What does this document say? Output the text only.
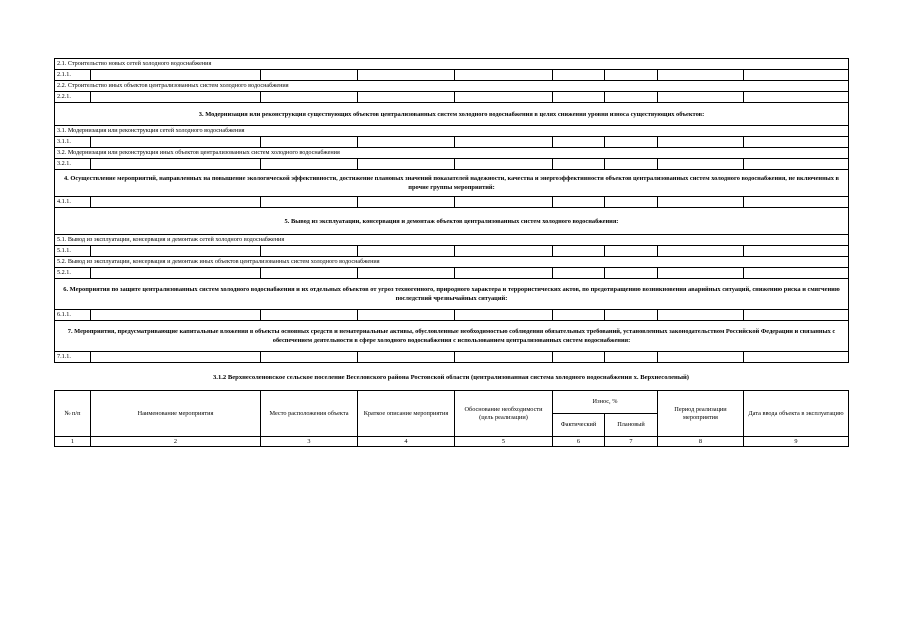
2.1. Строительство новых сетей холодного водоснабжения								
2.1.1.								
2.2. Строительство иных объектов централизованных систем холодного водоснабжения								
2.2.1.								
3. Модернизация или реконструкция существующих объектов централизованных систем холодного водоснабжения в целях снижения уровня износа существующих объектов:								
3.1. Модернизация или реконструкция сетей холодного водоснабжения								
3.1.1.								
3.2. Модернизация или реконструкция иных объектов централизованных систем холодного водоснабжения								
3.2.1.								
4. Осуществление мероприятий, направленных на повышение экологической эффективности, достижение плановых значений показателей надежности, качества и энергоэффективности объектов централизованных систем холодного водоснабжения, не включенных в прочие группы мероприятий:								
4.1.1.								
5. Вывод из эксплуатации, консервация и демонтаж объектов централизованных систем холодного водоснабжения:								
5.1. Вывод из эксплуатации, консервация и демонтаж сетей холодного водоснабжения								
5.1.1.								
5.2. Вывод из эксплуатации, консервация и демонтаж иных объектов централизованных систем холодного водоснабжения								
5.2.1.								
6. Мероприятия по защите централизованных систем холодного водоснабжения и их отдельных объектов от угроз техногенного, природного характера и террористических актов, по предотвращению возникновения аварийных ситуаций, снижению риска и смягчению последствий чрезвычайных ситуаций:								
6.1.1.								
7. Мероприятия, предусматривающие капитальные вложения в объекты основных средств и нематериальные активы, обусловленные необходимостью соблюдения обязательных требований, установленных законодательством Российской Федерации и связанных с обеспечением деятельности в сфере холодного водоснабжения с использованием централизованных систем водоснабжения:								
7.1.1.								
3.1.2 Верхнесоленовское сельское поселение Веселовского района Ростовской области (централизованная система холодного водоснабжения х. Верхнесоленый)
№ п/п	Наименование мероприятия	Место расположения объекта	Краткое описание мероприятия	Обоснование необходимости (цель реализации)	Износ, %		Период реализации мероприятия	Дата ввода объекта в эксплуатацию
					Фактический	Плановый		
1	2	3	4	5	6	7	8	9
